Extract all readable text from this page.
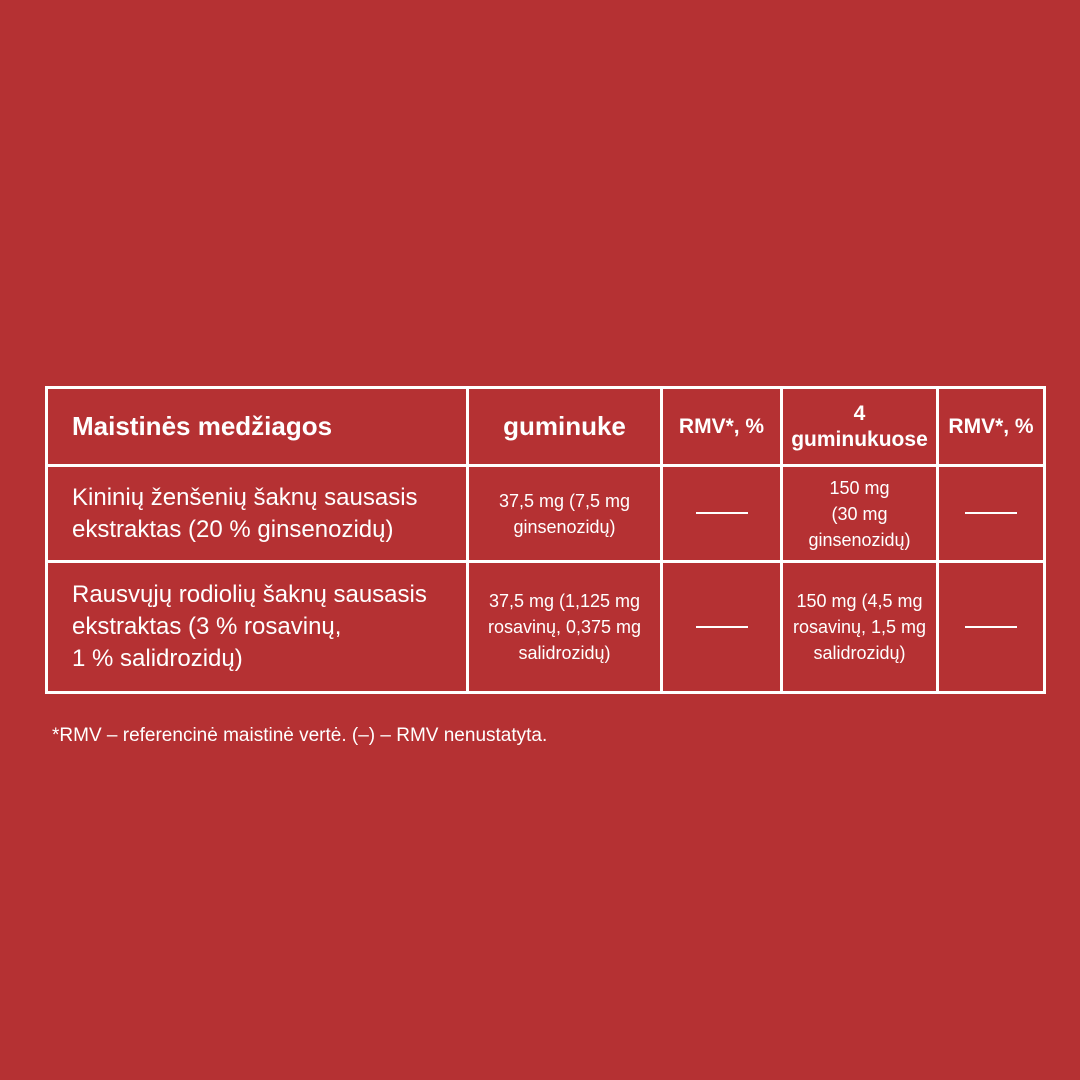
Maistinės medžiagos	guminuke	RMV*, %	4
guminukuose	RMV*, %
Kininių ženšenių šaknų sausasis
ekstraktas (20 % ginsenozidų)	37,5 mg (7,5 mg
ginsenozidų)		150 mg
(30 mg
ginsenozidų)	
Rausvųjų rodiolių šaknų sausasis
ekstraktas (3 % rosavinų,
1 % salidrozidų)	37,5 mg (1,125 mg
rosavinų, 0,375 mg
salidrozidų)		150 mg (4,5 mg
rosavinų, 1,5 mg
salidrozidų)	

*RMV – referencinė maistinė vertė. (–) – RMV nenustatyta.
